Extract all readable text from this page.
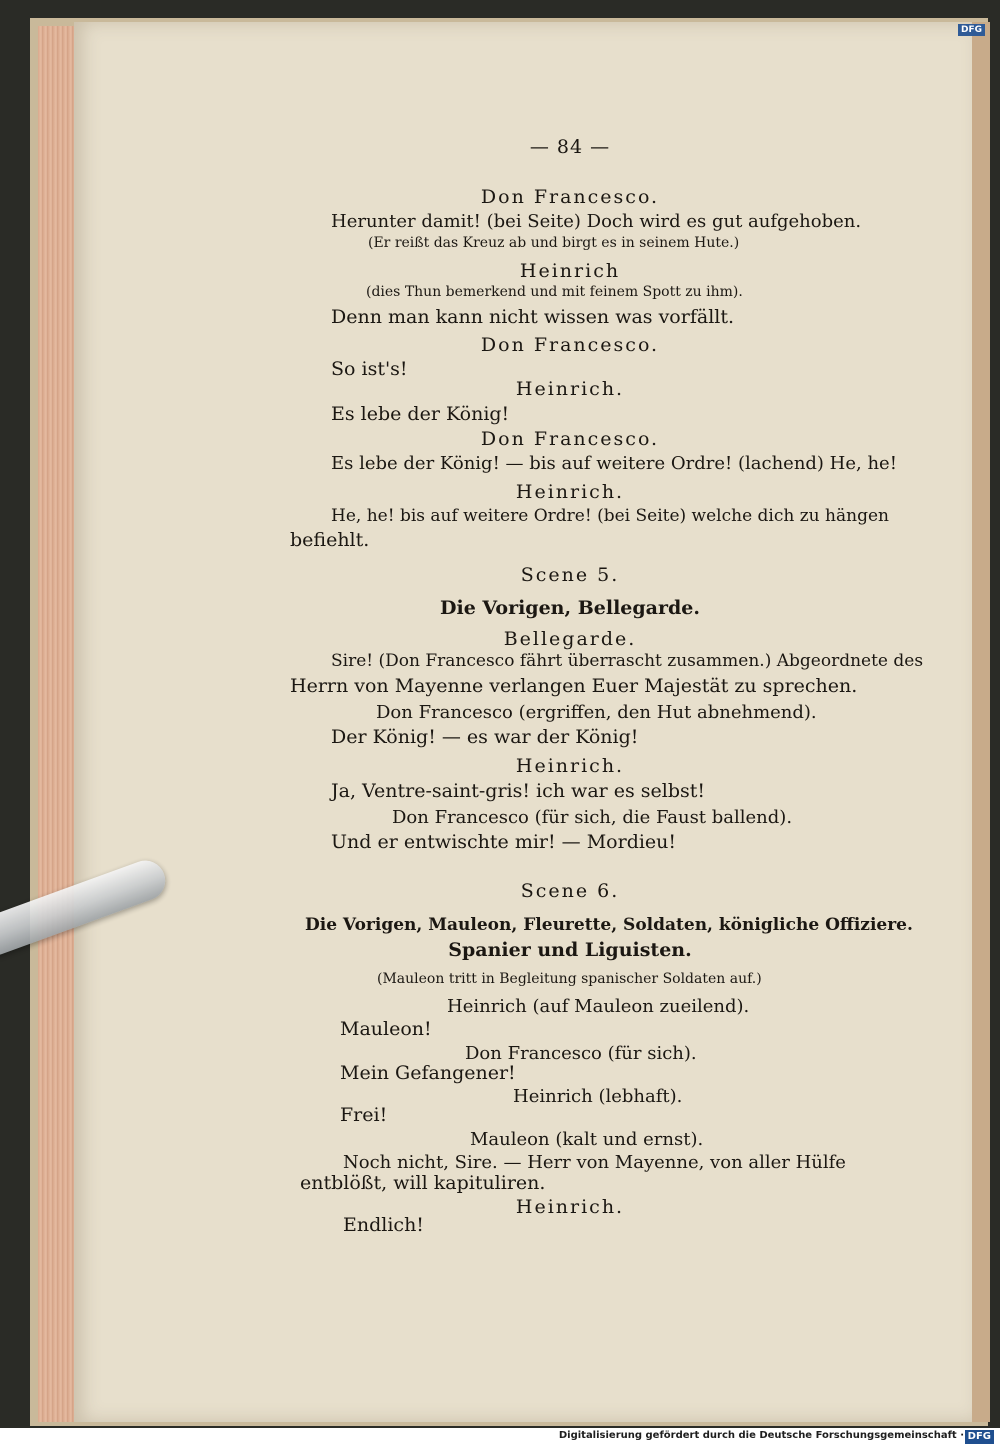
DFG
— 84 —
Don Francesco.
Herunter damit! (bei Seite) Doch wird es gut aufgehoben.
(Er reißt das Kreuz ab und birgt es in seinem Hute.)
Heinrich
(dies Thun bemerkend und mit feinem Spott zu ihm).
Denn man kann nicht wissen was vorfällt.
Don Francesco.
So ist's!
Heinrich.
Es lebe der König!
Don Francesco.
Es lebe der König! — bis auf weitere Ordre! (lachend) He, he!
Heinrich.
He, he! bis auf weitere Ordre! (bei Seite) welche dich zu hängen
befiehlt.
Scene 5.
Die Vorigen, Bellegarde.
Bellegarde.
Sire! (Don Francesco fährt überrascht zusammen.) Abgeordnete des
Herrn von Mayenne verlangen Euer Majestät zu sprechen.
Don Francesco (ergriffen, den Hut abnehmend).
Der König! — es war der König!
Heinrich.
Ja, Ventre-saint-gris! ich war es selbst!
Don Francesco (für sich, die Faust ballend).
Und er entwischte mir! — Mordieu!
Scene 6.
Die Vorigen, Mauleon, Fleurette, Soldaten, königliche Offiziere.
Spanier und Liguisten.
(Mauleon tritt in Begleitung spanischer Soldaten auf.)
Heinrich (auf Mauleon zueilend).
Mauleon!
Don Francesco (für sich).
Mein Gefangener!
Heinrich (lebhaft).
Frei!
Mauleon (kalt und ernst).
Noch nicht, Sire. — Herr von Mayenne, von aller Hülfe
entblößt, will kapituliren.
Heinrich.
Endlich!
Digitalisierung gefördert durch die Deutsche Forschungsgemeinschaft · DFG
